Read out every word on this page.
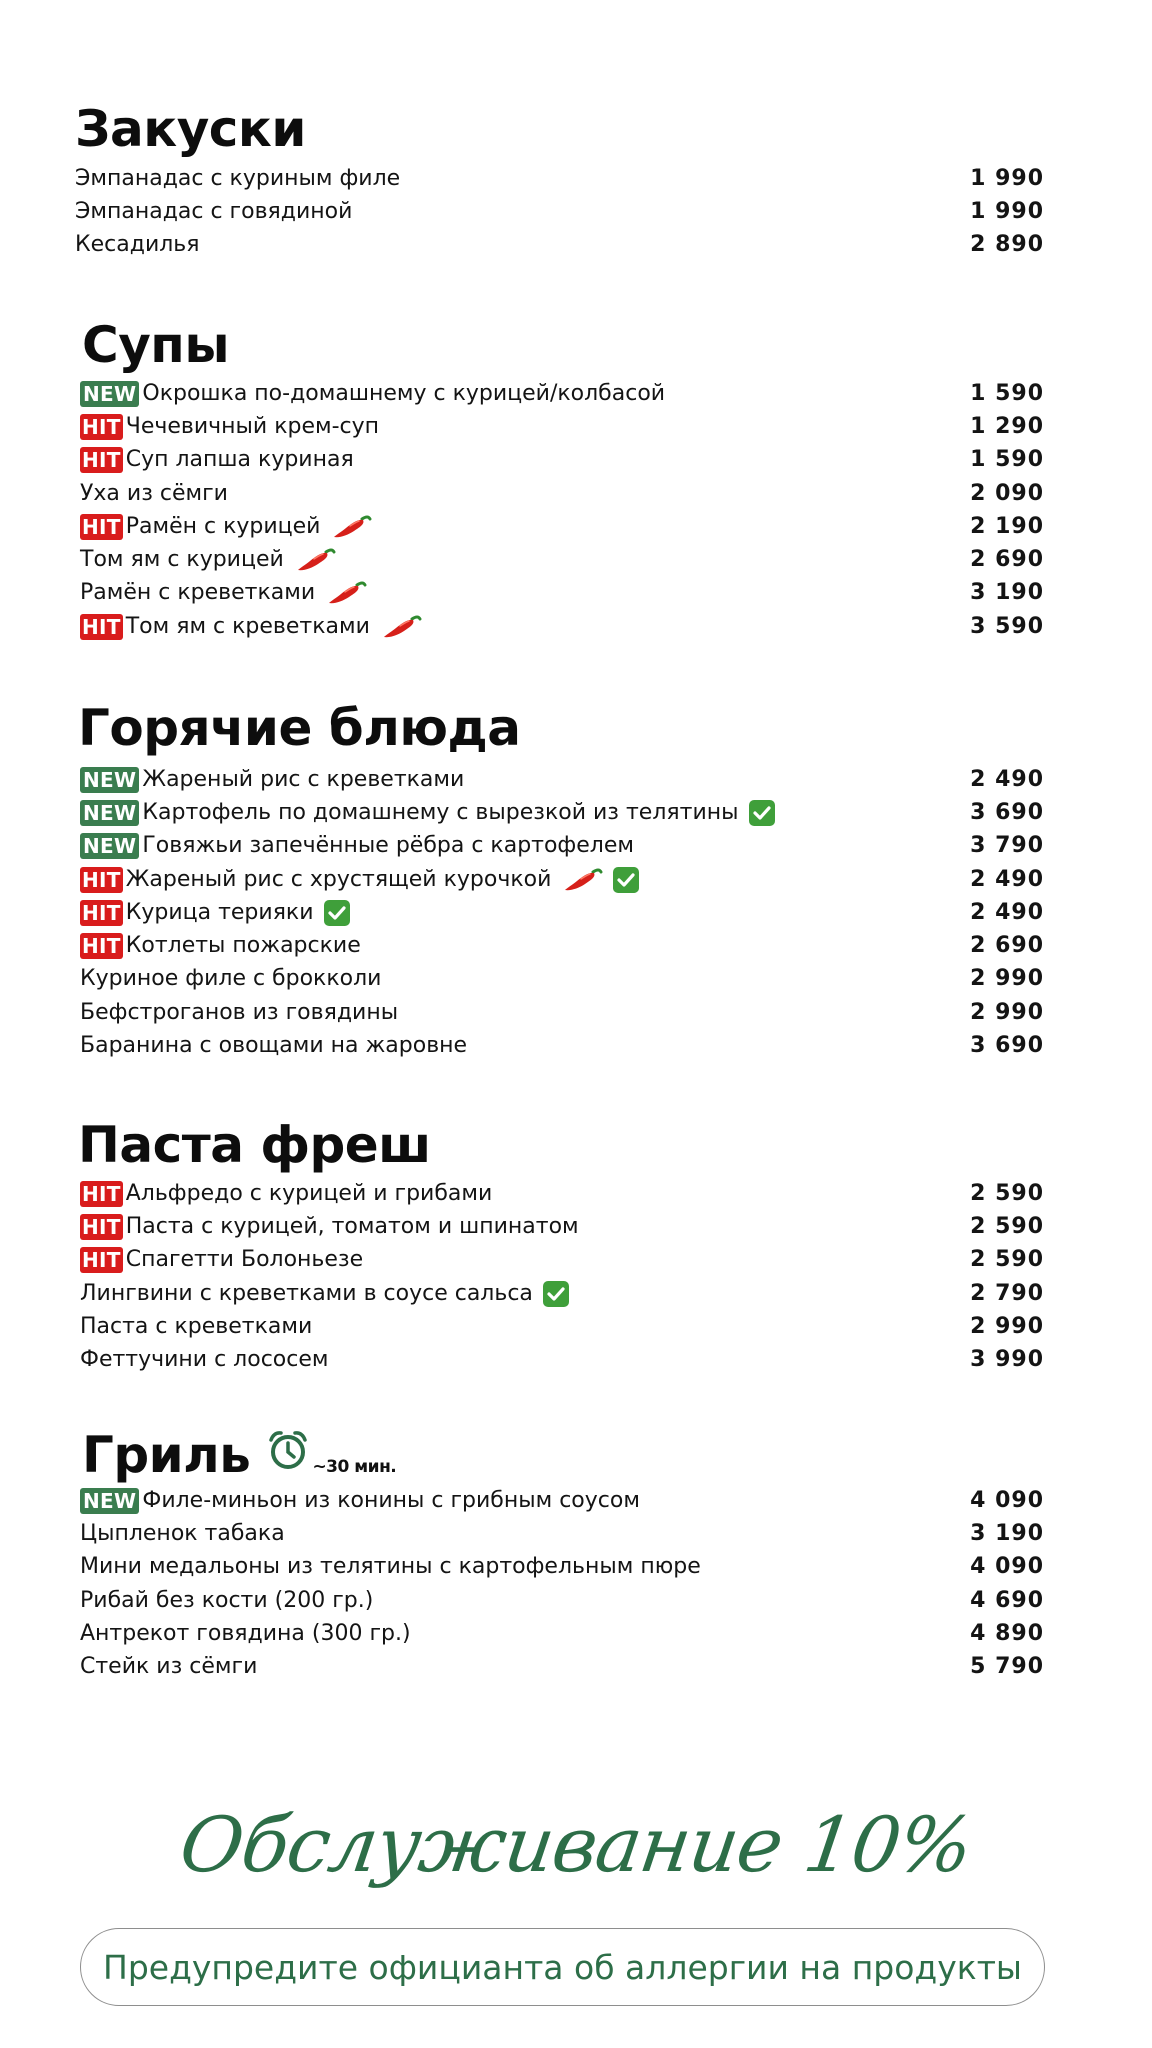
Закуски
Эмпанадас с куриным филе	1 990
Эмпанадас с говядиной	1 990
Кесадилья	2 890
Супы
NEW Окрошка по-домашнему с курицей/колбасой	1 590
HIT Чечевичный крем-суп	1 290
HIT Суп лапша куриная	1 590
Уха из сёмги	2 090
HIT Рамён с курицей	2 190
Том ям с курицей	2 690
Рамён с креветками	3 190
HIT Том ям с креветками	3 590
Горячие блюда
NEW Жареный рис с креветками	2 490
NEW Картофель по домашнему с вырезкой из телятины	3 690
NEW Говяжьи запечённые рёбра с картофелем	3 790
HIT Жареный рис с хрустящей курочкой	2 490
HIT Курица терияки	2 490
HIT Котлеты пожарские	2 690
Куриное филе с брокколи	2 990
Бефстроганов из говядины	2 990
Баранина с овощами на жаровне	3 690
Паста фреш
HIT Альфредо с курицей и грибами	2 590
HIT Паста с курицей, томатом и шпинатом	2 590
HIT Спагетти Болоньезе	2 590
Лингвини с креветками в соусе сальса	2 790
Паста с креветками	2 990
Феттучини с лососем	3 990
Гриль	~30 мин.
NEW Филе-миньон из конины с грибным соусом	4 090
Цыпленок табака	3 190
Мини медальоны из телятины с картофельным пюре	4 090
Рибай без кости (200 гр.)	4 690
Антрекот говядина (300 гр.)	4 890
Стейк из сёмги	5 790
Обслуживание 10%
Предупредите официанта об аллергии на продукты
